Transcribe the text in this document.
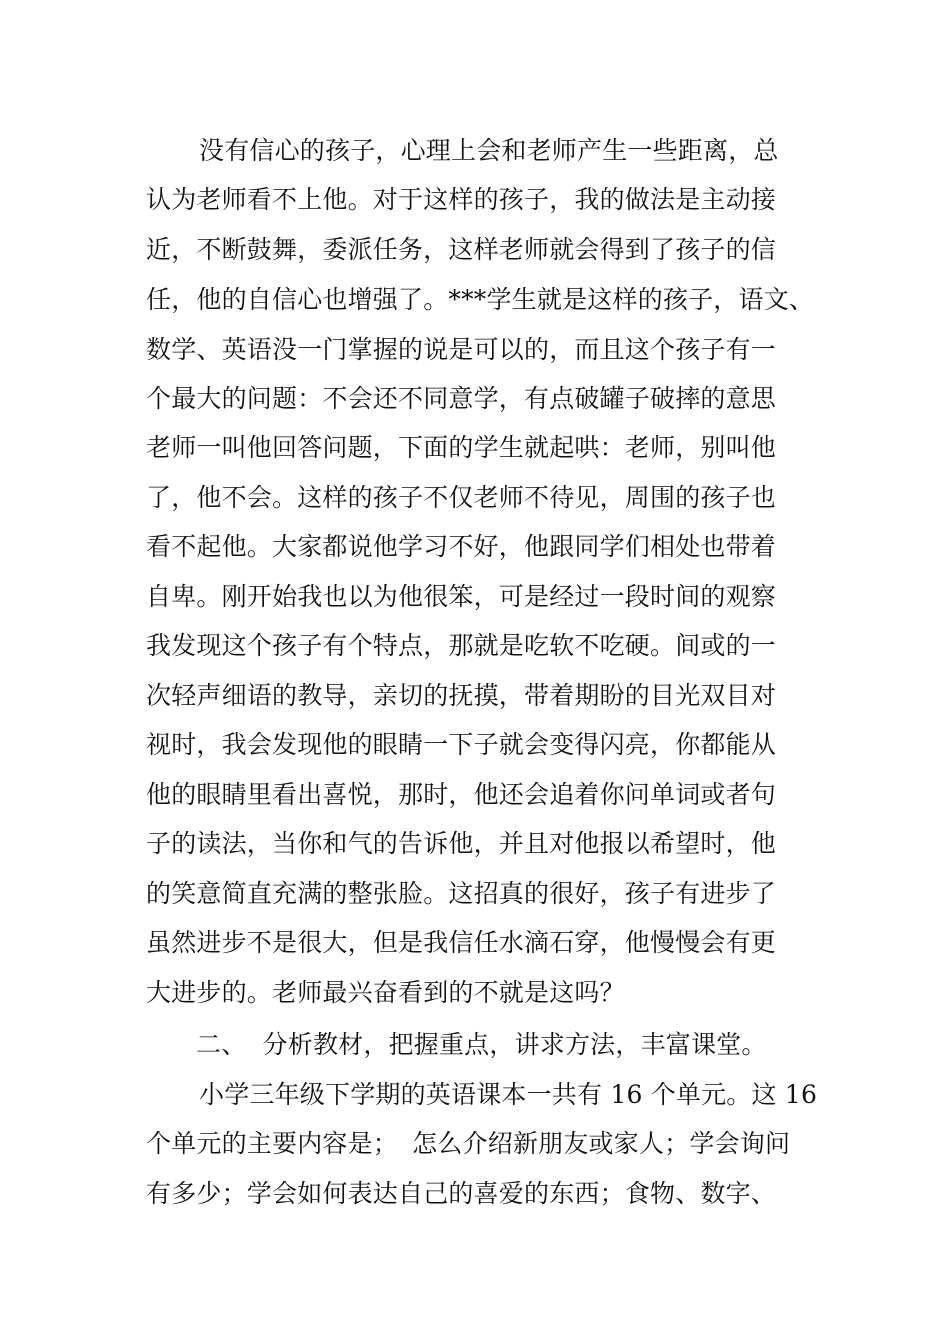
没有信心的孩子，心理上会和老师产生一些距离，总
认为老师看不上他。对于这样的孩子，我的做法是主动接
近，不断鼓舞，委派任务，这样老师就会得到了孩子的信
任，他的自信心也增强了。***学生就是这样的孩子，语文、
数学、英语没一门掌握的说是可以的，而且这个孩子有一
个最大的问题：不会还不同意学，有点破罐子破摔的意思
老师一叫他回答问题，下面的学生就起哄：老师，别叫他
了，他不会。这样的孩子不仅老师不待见，周围的孩子也
看不起他。大家都说他学习不好，他跟同学们相处也带着
自卑。刚开始我也以为他很笨，可是经过一段时间的观察
我发现这个孩子有个特点，那就是吃软不吃硬。间或的一
次轻声细语的教导，亲切的抚摸，带着期盼的目光双目对
视时，我会发现他的眼睛一下子就会变得闪亮，你都能从
他的眼睛里看出喜悦，那时，他还会追着你问单词或者句
子的读法，当你和气的告诉他，并且对他报以希望时，他
的笑意简直充满的整张脸。这招真的很好，孩子有进步了
虽然进步不是很大，但是我信任水滴石穿，他慢慢会有更
大进步的。老师最兴奋看到的不就是这吗？
二、 分析教材，把握重点，讲求方法，丰富课堂。
小学三年级下学期的英语课本一共有 16 个单元。这 16
个单元的主要内容是； 怎么介绍新朋友或家人；学会询问
有多少；学会如何表达自己的喜爱的东西；食物、数字、
